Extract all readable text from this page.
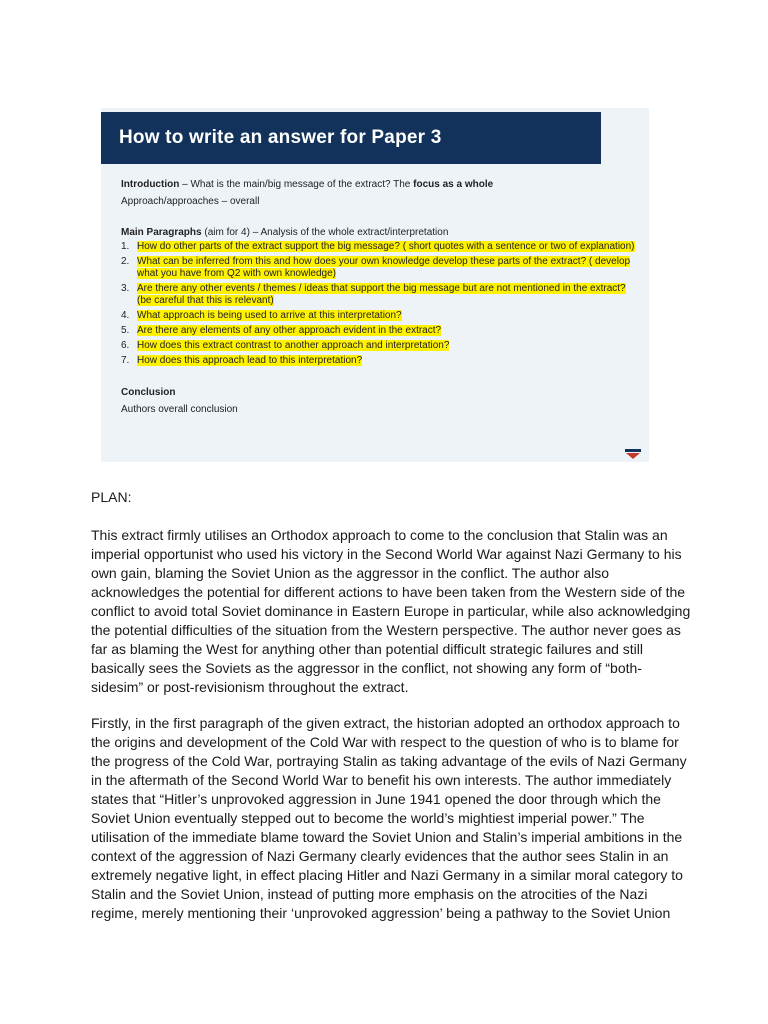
How to write an answer for Paper 3
Introduction – What is the main/big message of the extract? The focus as a whole
Approach/approaches – overall
Main Paragraphs (aim for 4) – Analysis of the whole extract/interpretation
1. How do other parts of the extract support the big message? ( short quotes with a sentence or two of explanation)
2. What can be inferred from this and how does your own knowledge develop these parts of the extract? ( develop what you have from Q2 with own knowledge)
3. Are there any other events / themes / ideas that support the big message but are not mentioned in the extract? (be careful that this is relevant)
4. What approach is being used to arrive at this interpretation?
5. Are there any elements of any other approach evident in the extract?
6. How does this extract contrast to another approach and interpretation?
7. How does this approach lead to this interpretation?
Conclusion
Authors overall conclusion
PLAN:

This extract firmly utilises an Orthodox approach to come to the conclusion that Stalin was an imperial opportunist who used his victory in the Second World War against Nazi Germany to his own gain, blaming the Soviet Union as the aggressor in the conflict. The author also acknowledges the potential for different actions to have been taken from the Western side of the conflict to avoid total Soviet dominance in Eastern Europe in particular, while also acknowledging the potential difficulties of the situation from the Western perspective. The author never goes as far as blaming the West for anything other than potential difficult strategic failures and still basically sees the Soviets as the aggressor in the conflict, not showing any form of “both-sidesim” or post-revisionism throughout the extract.

Firstly, in the first paragraph of the given extract, the historian adopted an orthodox approach to the origins and development of the Cold War with respect to the question of who is to blame for the progress of the Cold War, portraying Stalin as taking advantage of the evils of Nazi Germany in the aftermath of the Second World War to benefit his own interests. The author immediately states that “Hitler’s unprovoked aggression in June 1941 opened the door through which the Soviet Union eventually stepped out to become the world’s mightiest imperial power.” The utilisation of the immediate blame toward the Soviet Union and Stalin’s imperial ambitions in the context of the aggression of Nazi Germany clearly evidences that the author sees Stalin in an extremely negative light, in effect placing Hitler and Nazi Germany in a similar moral category to Stalin and the Soviet Union, instead of putting more emphasis on the atrocities of the Nazi regime, merely mentioning their ‘unprovoked aggression’ being a pathway to the Soviet Union
